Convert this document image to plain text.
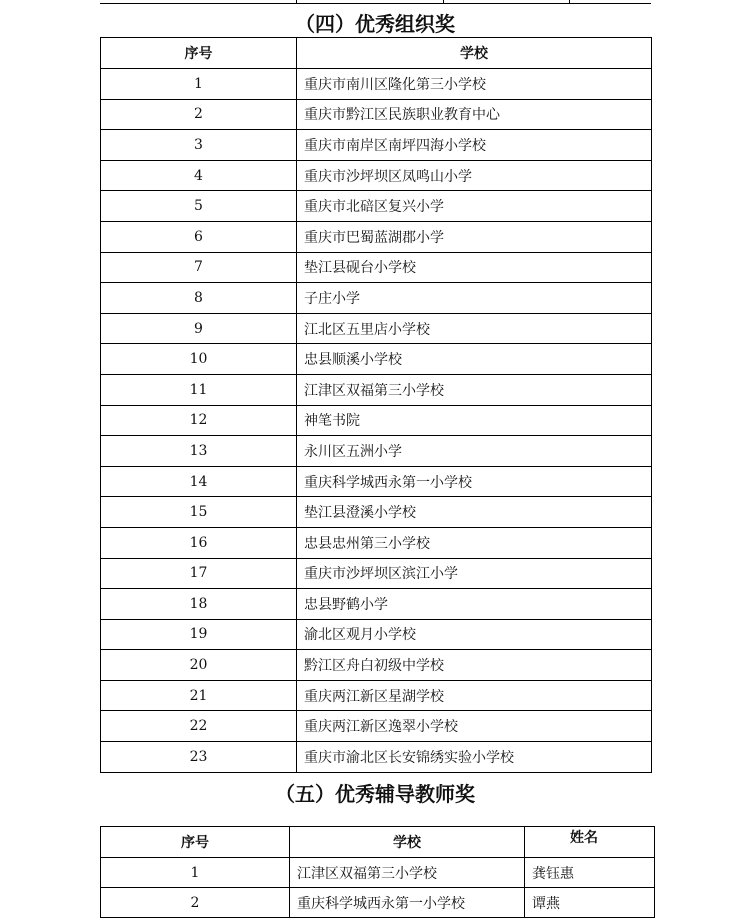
（四）优秀组织奖
序号	学校
1	重庆市南川区隆化第三小学校
2	重庆市黔江区民族职业教育中心
3	重庆市南岸区南坪四海小学校
4	重庆市沙坪坝区凤鸣山小学
5	重庆市北碚区复兴小学
6	重庆市巴蜀蓝湖郡小学
7	垫江县砚台小学校
8	子庄小学
9	江北区五里店小学校
10	忠县顺溪小学校
11	江津区双福第三小学校
12	神笔书院
13	永川区五洲小学
14	重庆科学城西永第一小学校
15	垫江县澄溪小学校
16	忠县忠州第三小学校
17	重庆市沙坪坝区滨江小学
18	忠县野鹤小学
19	渝北区观月小学校
20	黔江区舟白初级中学校
21	重庆两江新区星湖学校
22	重庆两江新区逸翠小学校
23	重庆市渝北区长安锦绣实验小学校
（五）优秀辅导教师奖
序号	学校	姓名
1	江津区双福第三小学校	龚钰惠
2	重庆科学城西永第一小学校	谭燕
